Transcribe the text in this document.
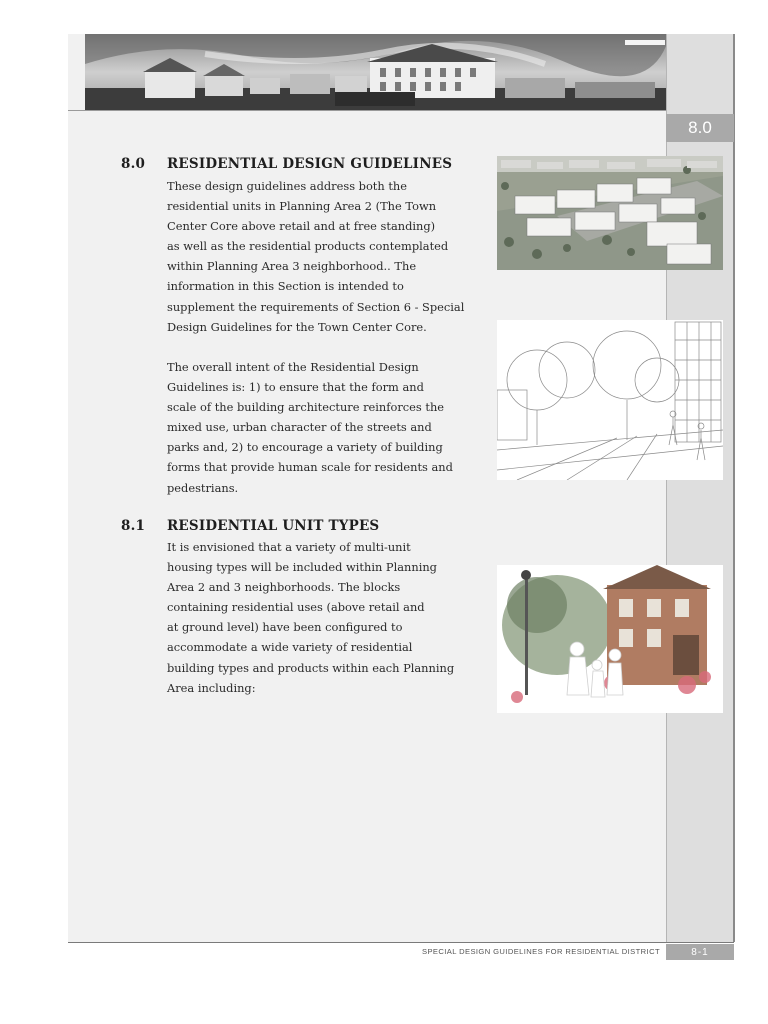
8.0
8.0 RESIDENTIAL DESIGN GUIDELINES
These design guidelines address both the
residential units in Planning Area 2 (The Town
Center Core above retail and at free standing)
as well as the residential products contemplated
within Planning Area 3 neighborhood.. The
information in this Section is intended to
supplement the requirements of Section 6 - Special
Design Guidelines for the Town Center Core.
The overall intent of the Residential Design
Guidelines is: 1) to ensure that the form and
scale of the building architecture reinforces the
mixed use, urban character of the streets and
parks and, 2) to encourage a variety of building
forms that provide human scale for residents and
pedestrians.
8.1 RESIDENTIAL UNIT TYPES
It is envisioned that a variety of multi-unit
housing types will be included within Planning
Area 2 and 3 neighborhoods. The blocks
containing residential uses (above retail and
at ground level) have been configured to
accommodate a wide variety of residential
building types and products within each Planning
Area including:
SPECIAL DESIGN GUIDELINES FOR RESIDENTIAL DISTRICT	8-1
